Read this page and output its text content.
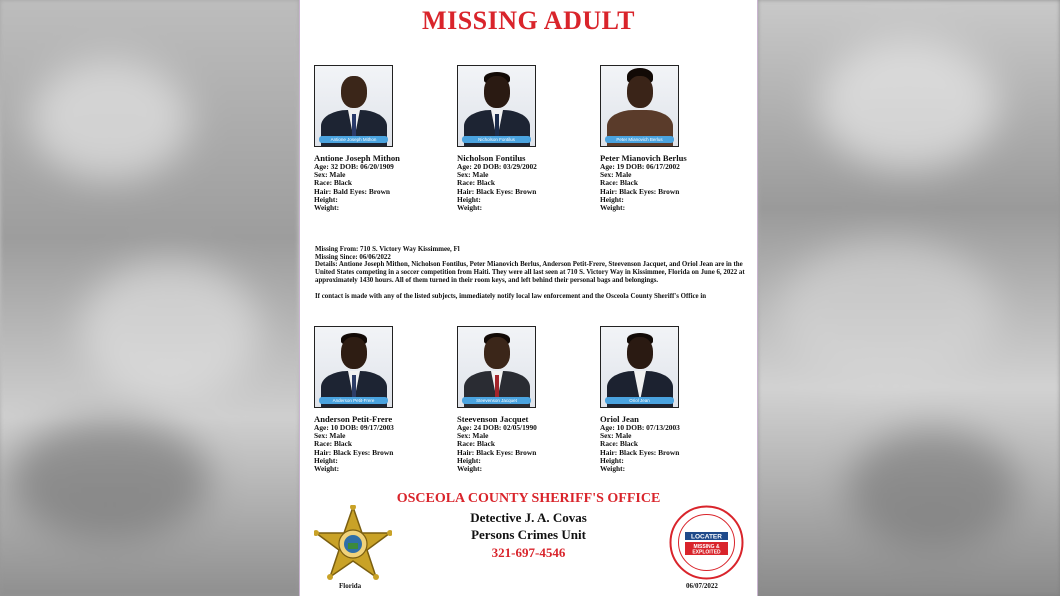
MISSING ADULT
Antione Joseph Mithon
Antione Joseph Mithon
Age: 32 DOB: 06/20/1909
Sex: Male
Race: Black
Hair: Bald Eyes: Brown
Height:
Weight:
Nicholson Fontilus
Nicholson Fontilus
Age: 20 DOB: 03/29/2002
Sex: Male
Race: Black
Hair: Black Eyes: Brown
Height:
Weight:
Peter Mianovich Berlus
Peter Mianovich Berlus
Age: 19 DOB: 06/17/2002
Sex: Male
Race: Black
Hair: Black Eyes: Brown
Height:
Weight:

Missing From: 710 S. Victory Way Kissimmee, Fl

Missing Since: 06/06/2022

Details: Antione Joseph Mithon, Nicholson Fontilus, Peter Mianovich Berlus, Anderson Petit-Frere, Steevenson Jacquet, and Oriol Jean are in the United States competing in a soccer competition from Haiti. They were all last seen at 710 S. Victory Way in Kissimmee, Florida on June 6, 2022 at approximately 1430 hours. All of them turned in their room keys, and left behind their personal bags and belongings.

If contact is made with any of the listed subjects, immediately notify local law enforcement and the Osceola County Sheriff's Office in

Anderson Petit-Frere
Anderson Petit-Frere
Age: 10 DOB: 09/17/2003
Sex: Male
Race: Black
Hair: Black Eyes: Brown
Height:
Weight:
Steevenson Jacquet
Steevenson Jacquet
Age: 24 DOB: 02/05/1990
Sex: Male
Race: Black
Hair: Black Eyes: Brown
Height:
Weight:
Oriol Jean
Oriol Jean
Age: 10 DOB: 07/13/2003
Sex: Male
Race: Black
Hair: Black Eyes: Brown
Height:
Weight:
OSCEOLA COUNTY SHERIFF'S OFFICE
Detective J. A. Covas
Persons Crimes Unit
321-697-4546
Florida
LOCATER
MISSING &
EXPLOITED
06/07/2022
